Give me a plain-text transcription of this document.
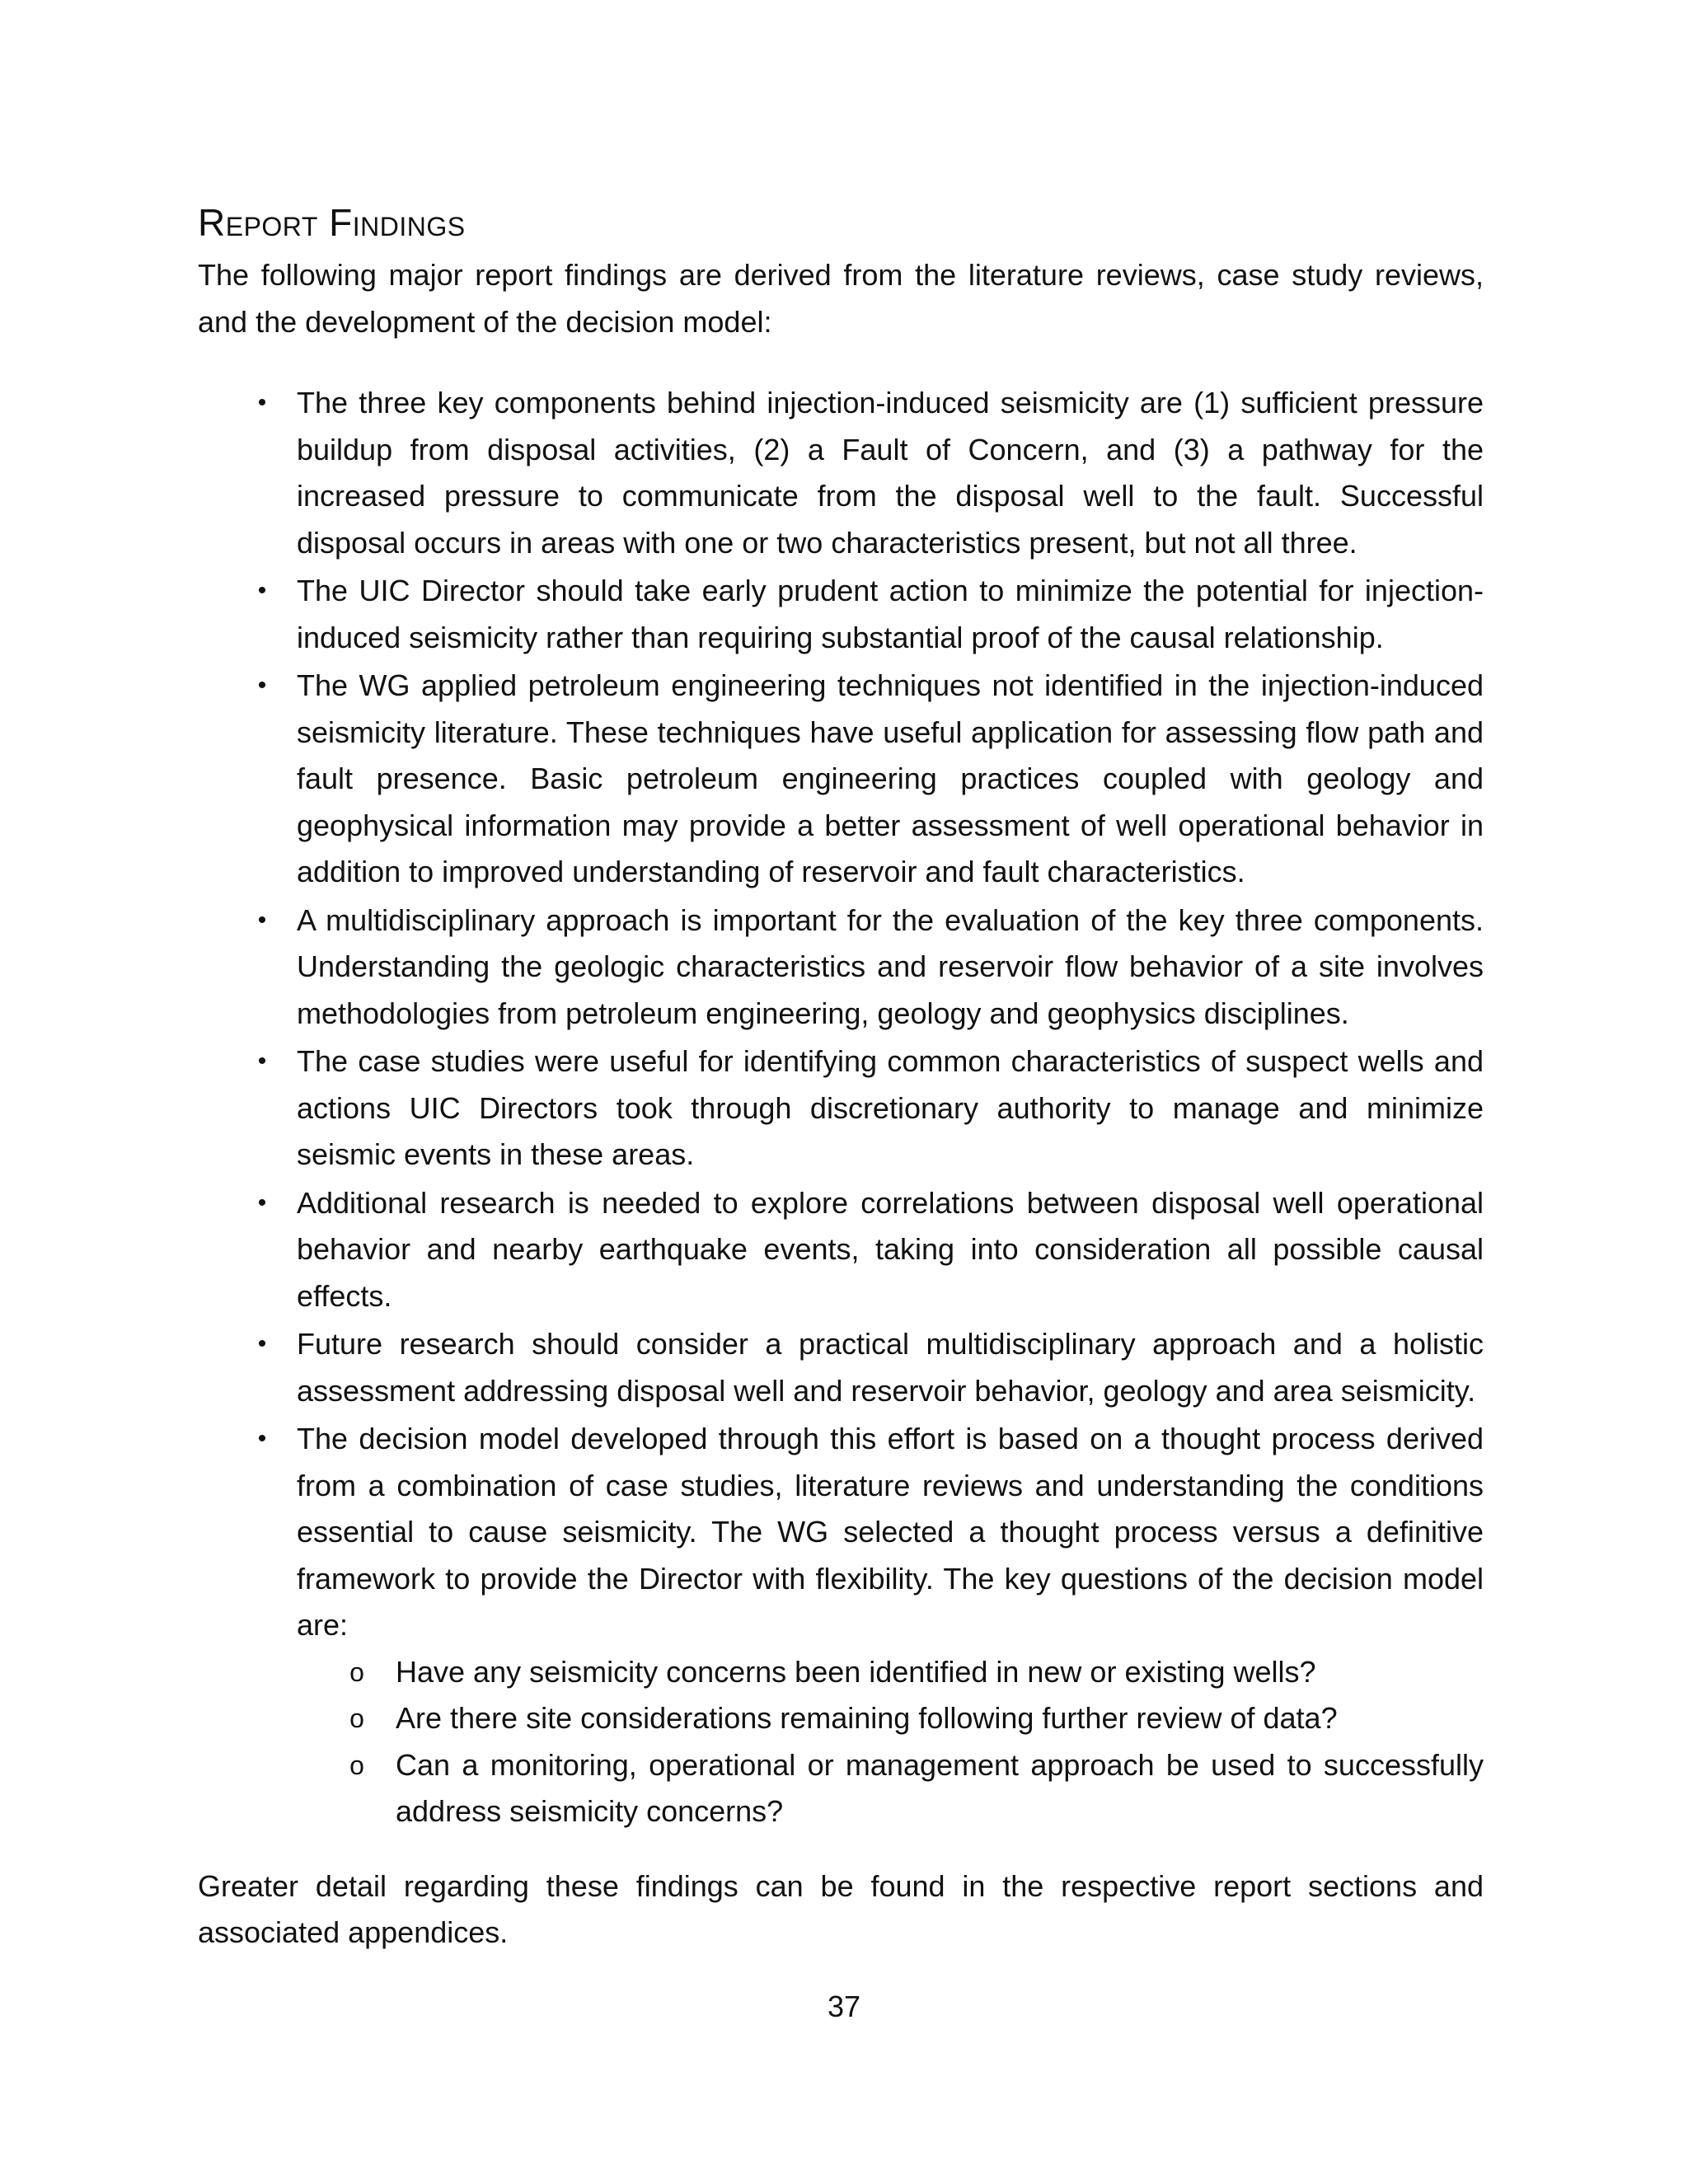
Report Findings

The following major report findings are derived from the literature reviews, case study reviews, and the development of the decision model:

• The three key components behind injection-induced seismicity are (1) sufficient pressure buildup from disposal activities, (2) a Fault of Concern, and (3) a pathway for the increased pressure to communicate from the disposal well to the fault. Successful disposal occurs in areas with one or two characteristics present, but not all three.
• The UIC Director should take early prudent action to minimize the potential for injection-induced seismicity rather than requiring substantial proof of the causal relationship.
• The WG applied petroleum engineering techniques not identified in the injection-induced seismicity literature. These techniques have useful application for assessing flow path and fault presence. Basic petroleum engineering practices coupled with geology and geophysical information may provide a better assessment of well operational behavior in addition to improved understanding of reservoir and fault characteristics.
• A multidisciplinary approach is important for the evaluation of the key three components. Understanding the geologic characteristics and reservoir flow behavior of a site involves methodologies from petroleum engineering, geology and geophysics disciplines.
• The case studies were useful for identifying common characteristics of suspect wells and actions UIC Directors took through discretionary authority to manage and minimize seismic events in these areas.
• Additional research is needed to explore correlations between disposal well operational behavior and nearby earthquake events, taking into consideration all possible causal effects.
• Future research should consider a practical multidisciplinary approach and a holistic assessment addressing disposal well and reservoir behavior, geology and area seismicity.
• The decision model developed through this effort is based on a thought process derived from a combination of case studies, literature reviews and understanding the conditions essential to cause seismicity. The WG selected a thought process versus a definitive framework to provide the Director with flexibility. The key questions of the decision model are:
o Have any seismicity concerns been identified in new or existing wells?
o Are there site considerations remaining following further review of data?
o Can a monitoring, operational or management approach be used to successfully address seismicity concerns?

Greater detail regarding these findings can be found in the respective report sections and associated appendices.

37
